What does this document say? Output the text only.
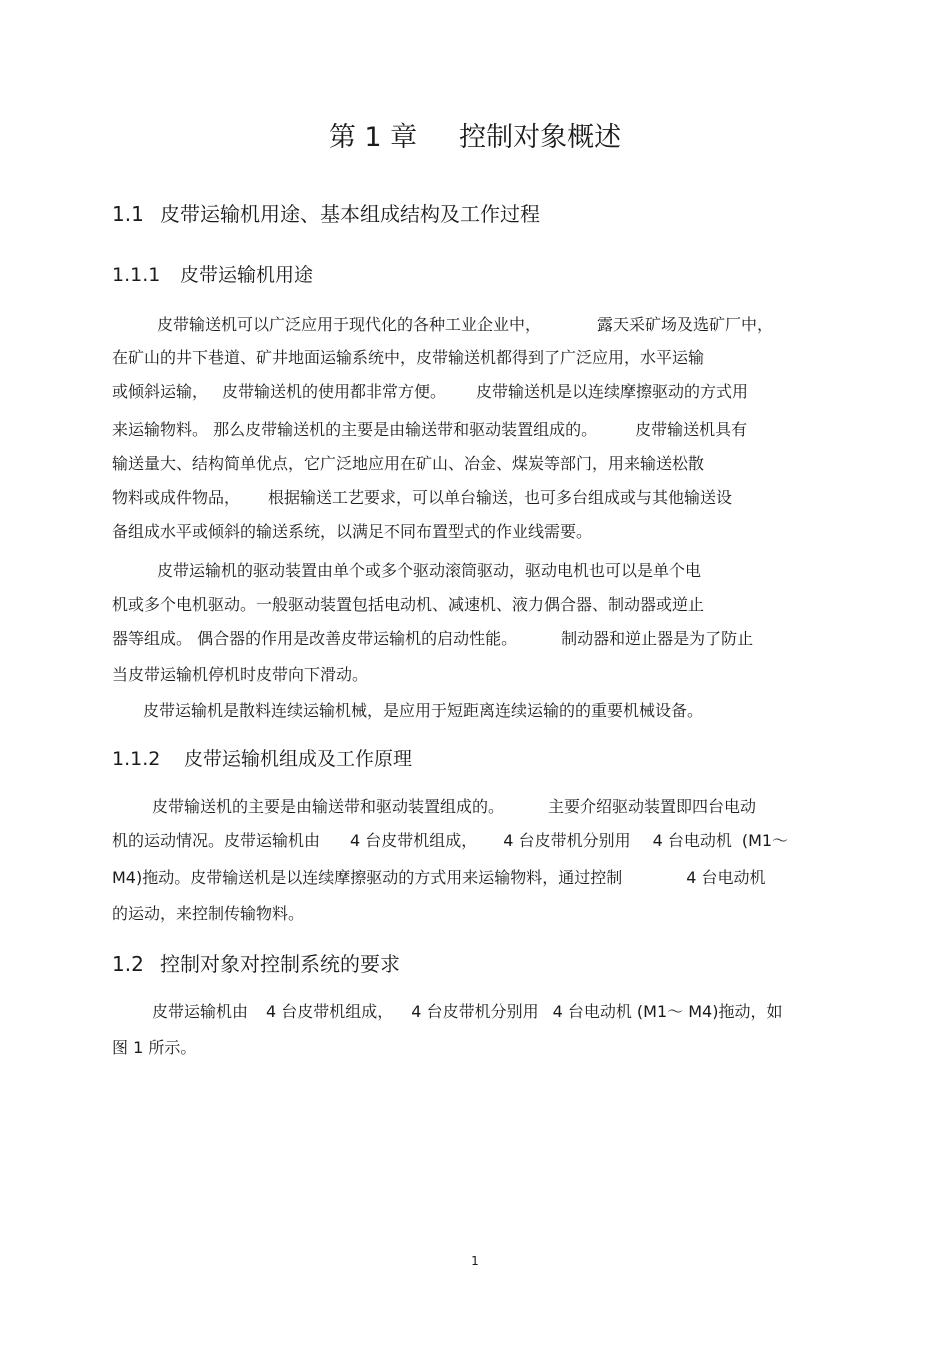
第 1 章 控制对象概述
1.1 皮带运输机用途、基本组成结构及工作过程
1.1.1 皮带运输机用途
皮带输送机可以广泛应用于现代化的各种工业企业中，	露天采矿场及选矿厂中，
在矿山的井下巷道、矿井地面运输系统中，皮带输送机都得到了广泛应用，水平运输
或倾斜运输， 皮带输送机的使用都非常方便。 皮带输送机是以连续摩擦驱动的方式用
来运输物料。 那么皮带输送机的主要是由输送带和驱动装置组成的。 皮带输送机具有
输送量大、结构简单优点，它广泛地应用在矿山、冶金、煤炭等部门，用来输送松散
物料或成件物品， 根据输送工艺要求，可以单台输送，也可多台组成或与其他输送设
备组成水平或倾斜的输送系统，以满足不同布置型式的作业线需要。
皮带运输机的驱动装置由单个或多个驱动滚筒驱动，驱动电机也可以是单个电
机或多个电机驱动。一般驱动装置包括电动机、减速机、液力偶合器、制动器或逆止
器等组成。 偶合器的作用是改善皮带运输机的启动性能。	制动器和逆止器是为了防止
当皮带运输机停机时皮带向下滑动。
皮带运输机是散料连续运输机械，是应用于短距离连续运输的的重要机械设备。
1.1.2 皮带运输机组成及工作原理
皮带输送机的主要是由输送带和驱动装置组成的。	主要介绍驱动装置即四台电动
机的运动情况。皮带运输机由 4 台皮带机组成， 4 台皮带机分别用 4 台电动机 (M1～
M4)拖动。皮带输送机是以连续摩擦驱动的方式用来运输物料，通过控制	4 台电动机
的运动，来控制传输物料。
1.2 控制对象对控制系统的要求
皮带运输机由 4 台皮带机组成， 4 台皮带机分别用 4 台电动机 (M1～ M4)拖动，如
图 1 所示。
1
